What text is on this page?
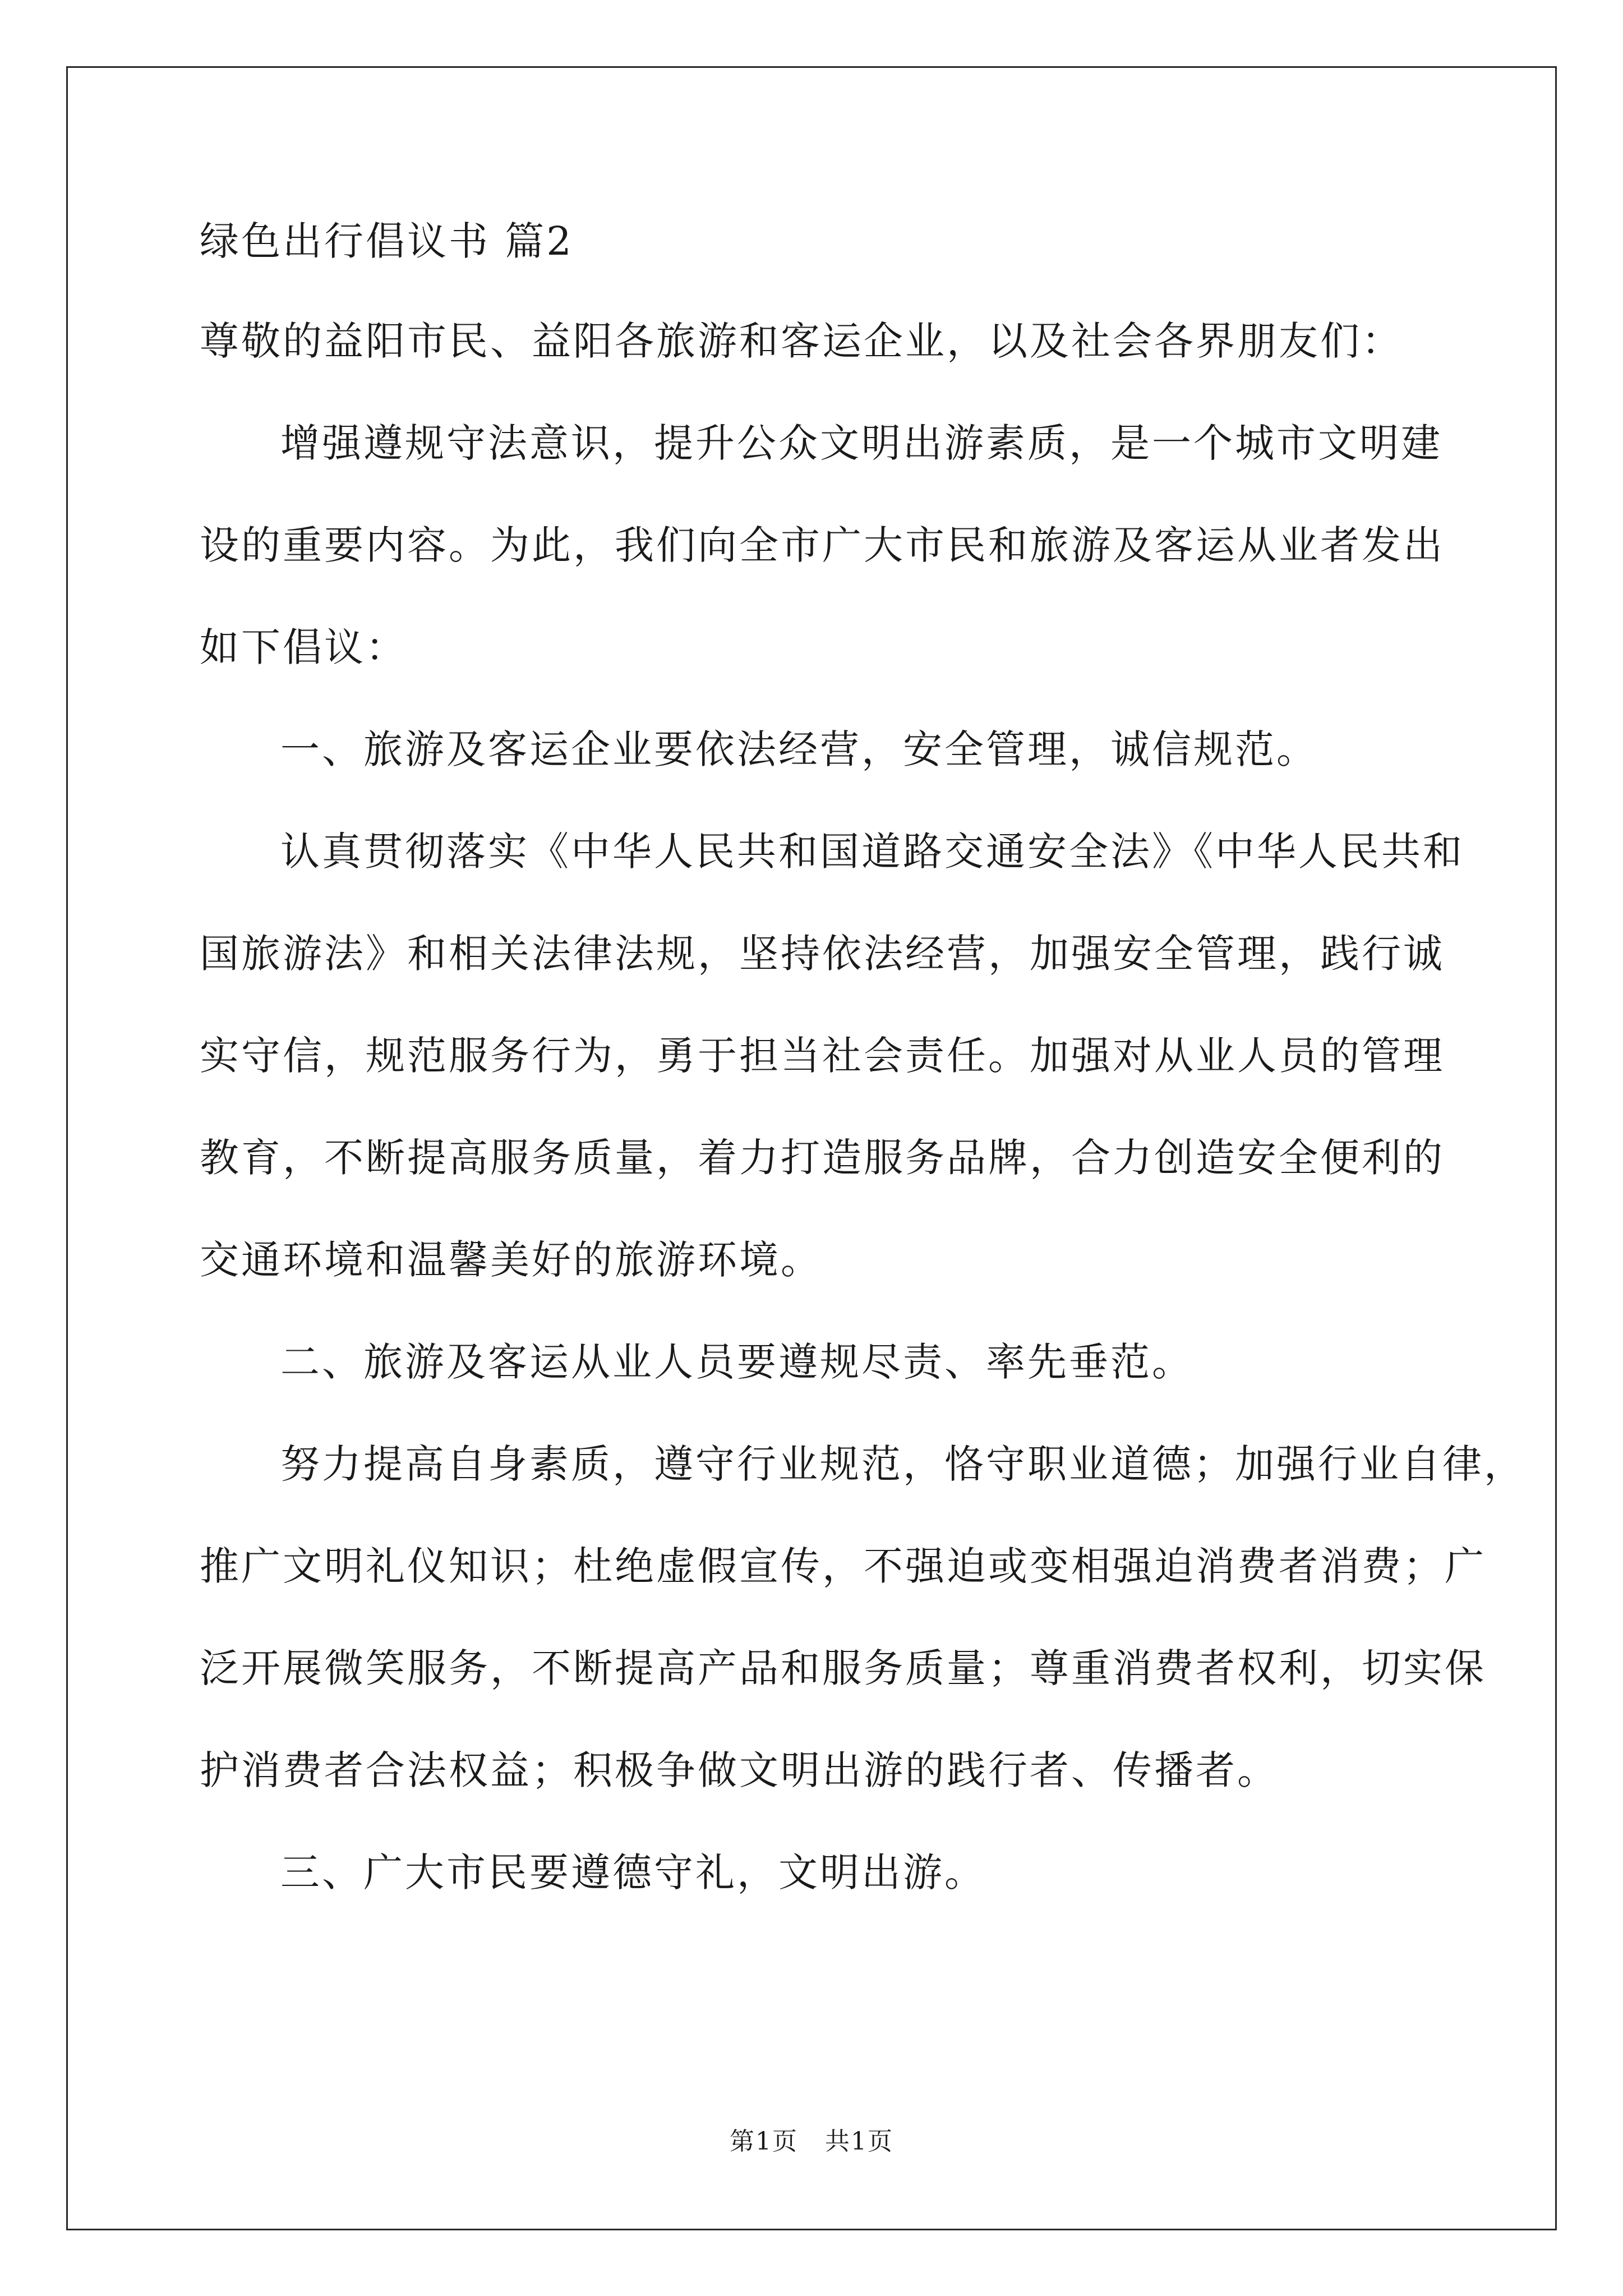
绿色出行倡议书 篇2
尊敬的益阳市民、益阳各旅游和客运企业，以及社会各界朋友们：
增强遵规守法意识，提升公众文明出游素质，是一个城市文明建
设的重要内容。为此，我们向全市广大市民和旅游及客运从业者发出
如下倡议：
一、旅游及客运企业要依法经营，安全管理，诚信规范。
认真贯彻落实《中华人民共和国道路交通安全法》《中华人民共和
国旅游法》和相关法律法规，坚持依法经营，加强安全管理，践行诚
实守信，规范服务行为，勇于担当社会责任。加强对从业人员的管理
教育，不断提高服务质量，着力打造服务品牌，合力创造安全便利的
交通环境和温馨美好的旅游环境。
二、旅游及客运从业人员要遵规尽责、率先垂范。
努力提高自身素质，遵守行业规范，恪守职业道德；加强行业自律，
推广文明礼仪知识；杜绝虚假宣传，不强迫或变相强迫消费者消费；广
泛开展微笑服务，不断提高产品和服务质量；尊重消费者权利，切实保
护消费者合法权益；积极争做文明出游的践行者、传播者。
三、广大市民要遵德守礼，文明出游。
第1页   共1页
